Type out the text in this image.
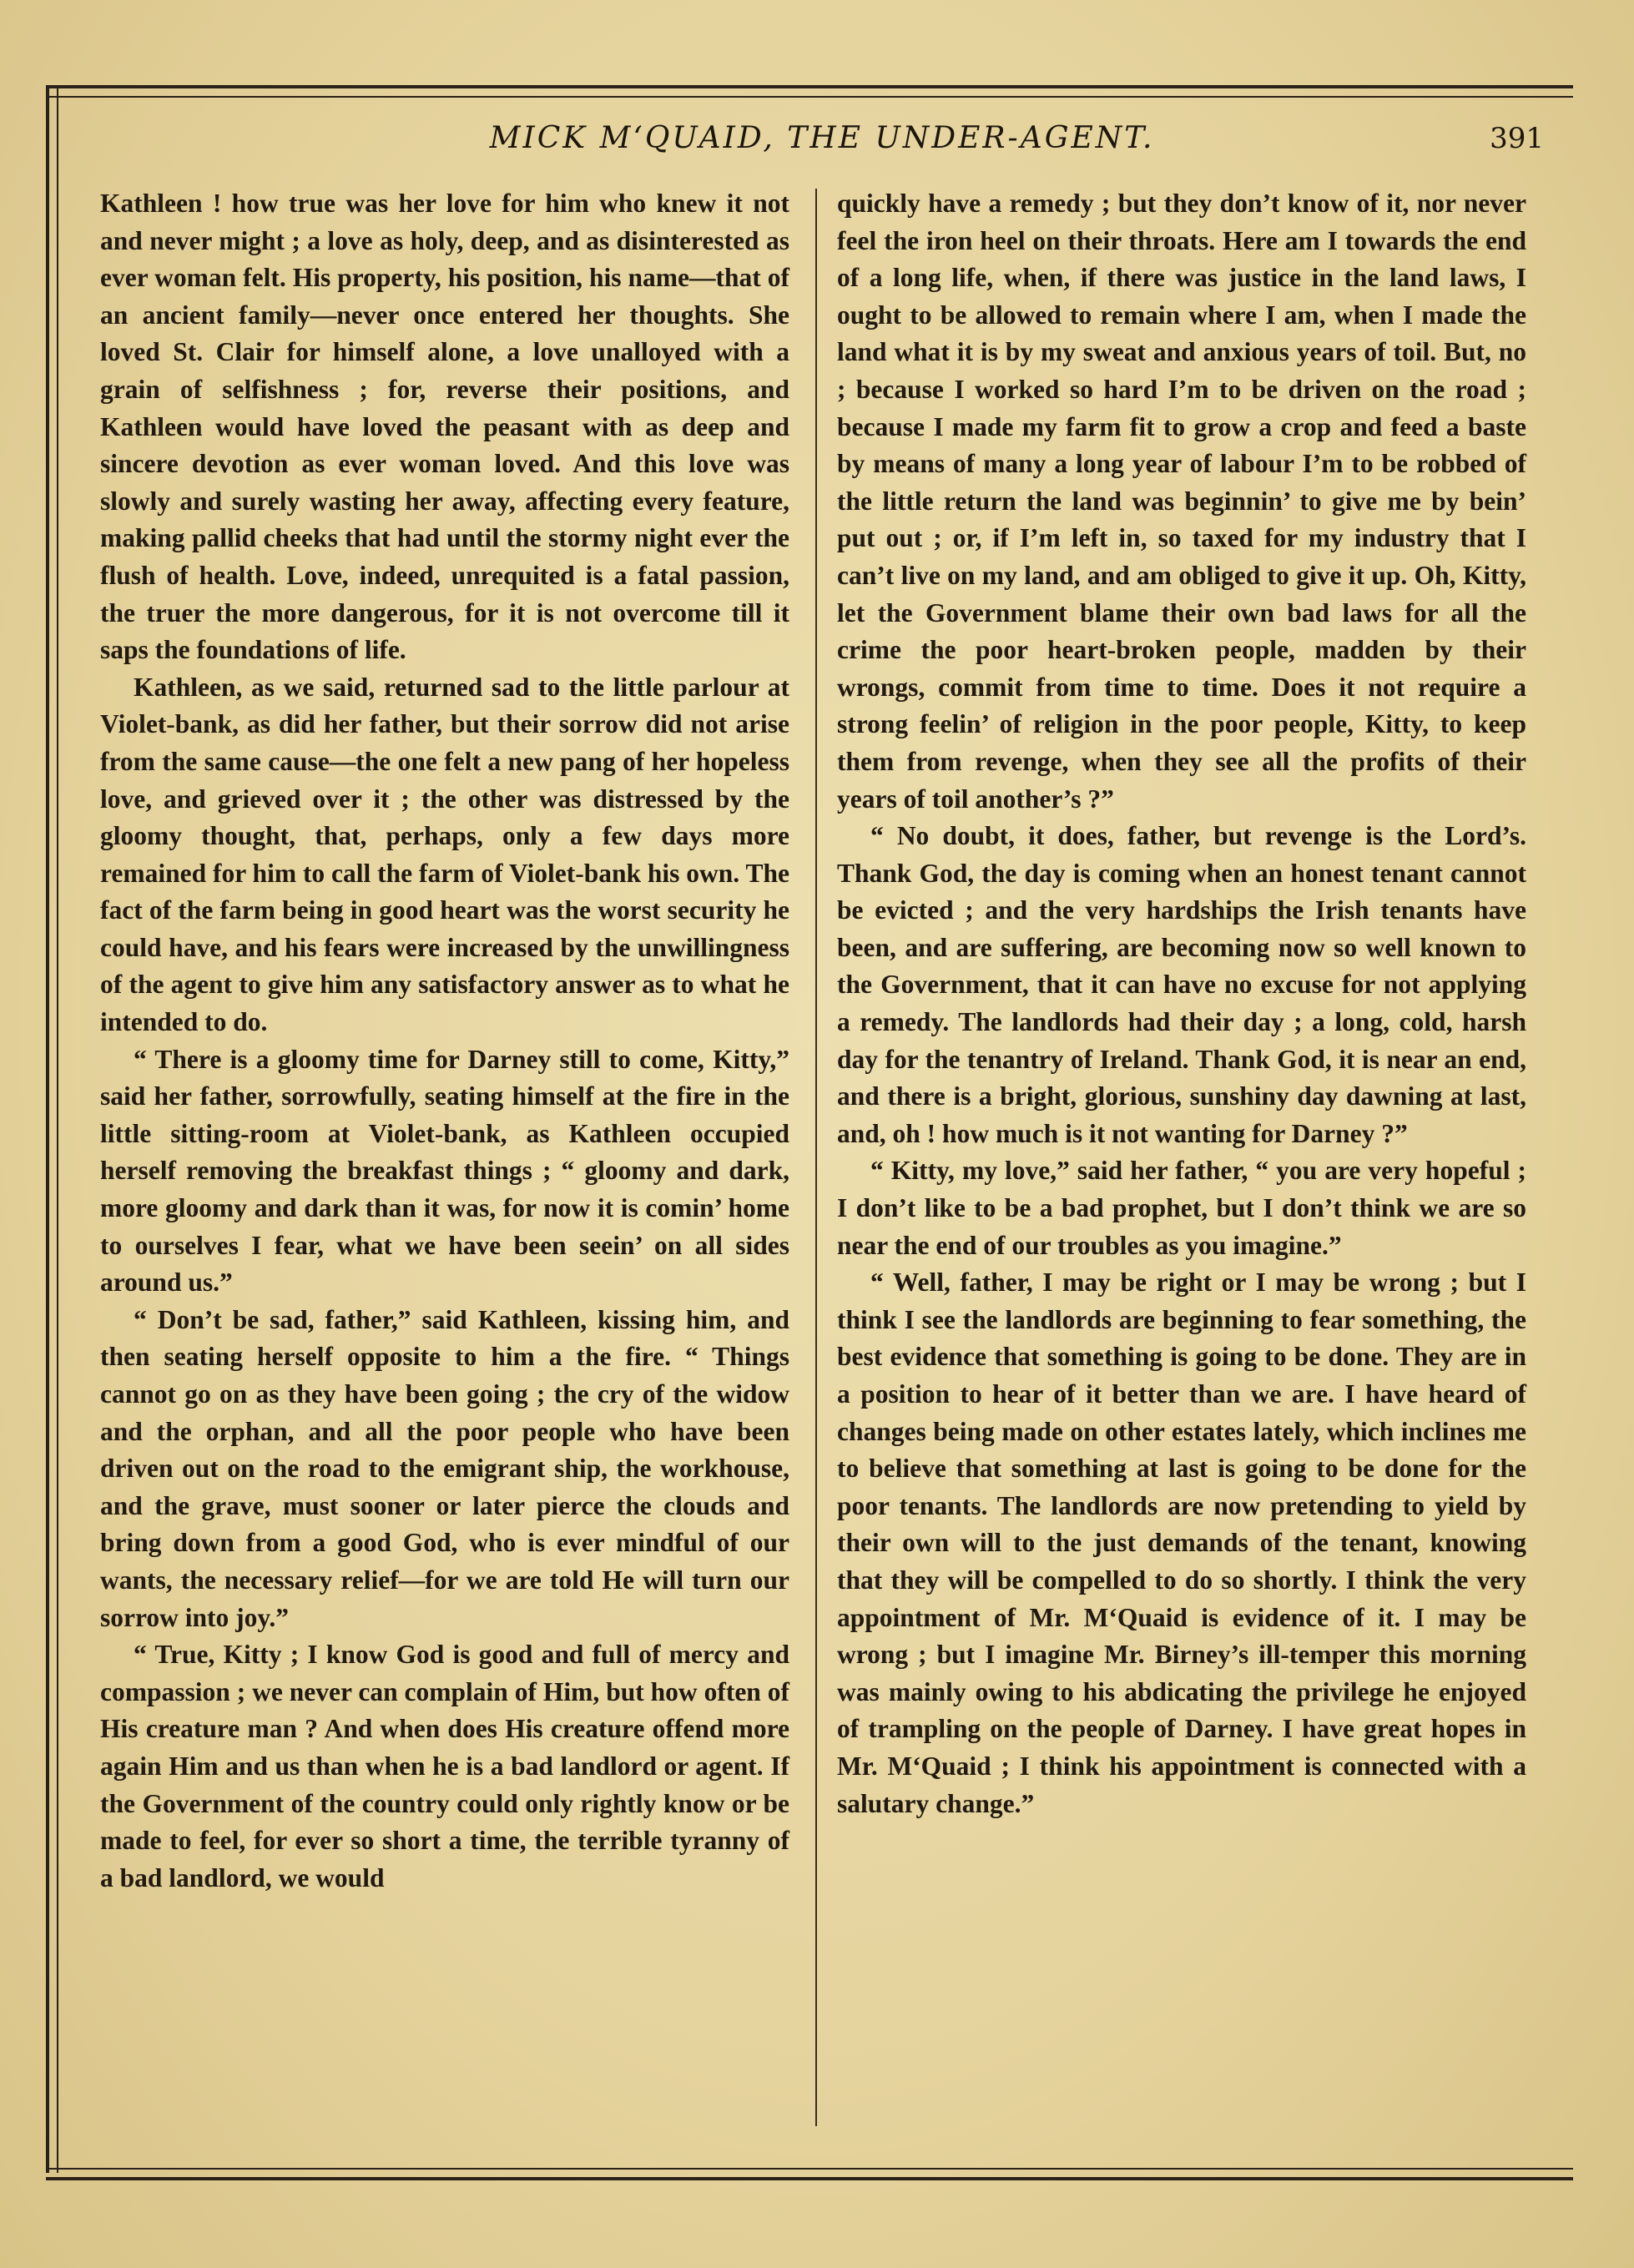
MICK M‘QUAID, THE UNDER-AGENT.	391

Kathleen ! how true was her love for him who knew it not and never might ; a love as holy, deep, and as disinterested as ever woman felt. His property, his position, his name—that of an ancient family—never once entered her thoughts. She loved St. Clair for himself alone, a love unalloyed with a grain of selfishness ; for, reverse their positions, and Kathleen would have loved the peasant with as deep and sincere devotion as ever woman loved. And this love was slowly and surely wasting her away, affecting every feature, making pallid cheeks that had until the stormy night ever the flush of health. Love, indeed, unrequited is a fatal passion, the truer the more dangerous, for it is not overcome till it saps the foundations of life.

Kathleen, as we said, returned sad to the little parlour at Violet-bank, as did her father, but their sorrow did not arise from the same cause—the one felt a new pang of her hopeless love, and grieved over it ; the other was distressed by the gloomy thought, that, perhaps, only a few days more remained for him to call the farm of Violet-bank his own. The fact of the farm being in good heart was the worst security he could have, and his fears were increased by the unwillingness of the agent to give him any satisfactory answer as to what he intended to do.

“ There is a gloomy time for Darney still to come, Kitty,” said her father, sorrowfully, seating himself at the fire in the little sitting-room at Violet-bank, as Kathleen occupied herself removing the breakfast things ; “ gloomy and dark, more gloomy and dark than it was, for now it is comin’ home to ourselves I fear, what we have been seein’ on all sides around us.”

“ Don’t be sad, father,” said Kathleen, kissing him, and then seating herself opposite to him a the fire. “ Things cannot go on as they have been going ; the cry of the widow and the orphan, and all the poor people who have been driven out on the road to the emigrant ship, the workhouse, and the grave, must sooner or later pierce the clouds and bring down from a good God, who is ever mindful of our wants, the necessary relief—for we are told He will turn our sorrow into joy.”

“ True, Kitty ; I know God is good and full of mercy and compassion ; we never can complain of Him, but how often of His creature man ? And when does His creature offend more again Him and us than when he is a bad landlord or agent. If the Government of the country could only rightly know or be made to feel, for ever so short a time, the terrible tyranny of a bad landlord, we would

quickly have a remedy ; but they don’t know of it, nor never feel the iron heel on their throats. Here am I towards the end of a long life, when, if there was justice in the land laws, I ought to be allowed to remain where I am, when I made the land what it is by my sweat and anxious years of toil. But, no ; because I worked so hard I’m to be driven on the road ; because I made my farm fit to grow a crop and feed a baste by means of many a long year of labour I’m to be robbed of the little return the land was beginnin’ to give me by bein’ put out ; or, if I’m left in, so taxed for my industry that I can’t live on my land, and am obliged to give it up. Oh, Kitty, let the Government blame their own bad laws for all the crime the poor heart-broken people, madden by their wrongs, commit from time to time. Does it not require a strong feelin’ of religion in the poor people, Kitty, to keep them from revenge, when they see all the profits of their years of toil another’s ?”

“ No doubt, it does, father, but revenge is the Lord’s. Thank God, the day is coming when an honest tenant cannot be evicted ; and the very hardships the Irish tenants have been, and are suffering, are becoming now so well known to the Government, that it can have no excuse for not applying a remedy. The landlords had their day ; a long, cold, harsh day for the tenantry of Ireland. Thank God, it is near an end, and there is a bright, glorious, sunshiny day dawning at last, and, oh ! how much is it not wanting for Darney ?”

“ Kitty, my love,” said her father, “ you are very hopeful ; I don’t like to be a bad prophet, but I don’t think we are so near the end of our troubles as you imagine.”

“ Well, father, I may be right or I may be wrong ; but I think I see the landlords are beginning to fear something, the best evidence that something is going to be done. They are in a position to hear of it better than we are. I have heard of changes being made on other estates lately, which inclines me to believe that something at last is going to be done for the poor tenants. The landlords are now pretending to yield by their own will to the just demands of the tenant, knowing that they will be compelled to do so shortly. I think the very appointment of Mr. M‘Quaid is evidence of it. I may be wrong ; but I imagine Mr. Birney’s ill-temper this morning was mainly owing to his abdicating the privilege he enjoyed of trampling on the people of Darney. I have great hopes in Mr. M‘Quaid ; I think his appointment is connected with a salutary change.”
